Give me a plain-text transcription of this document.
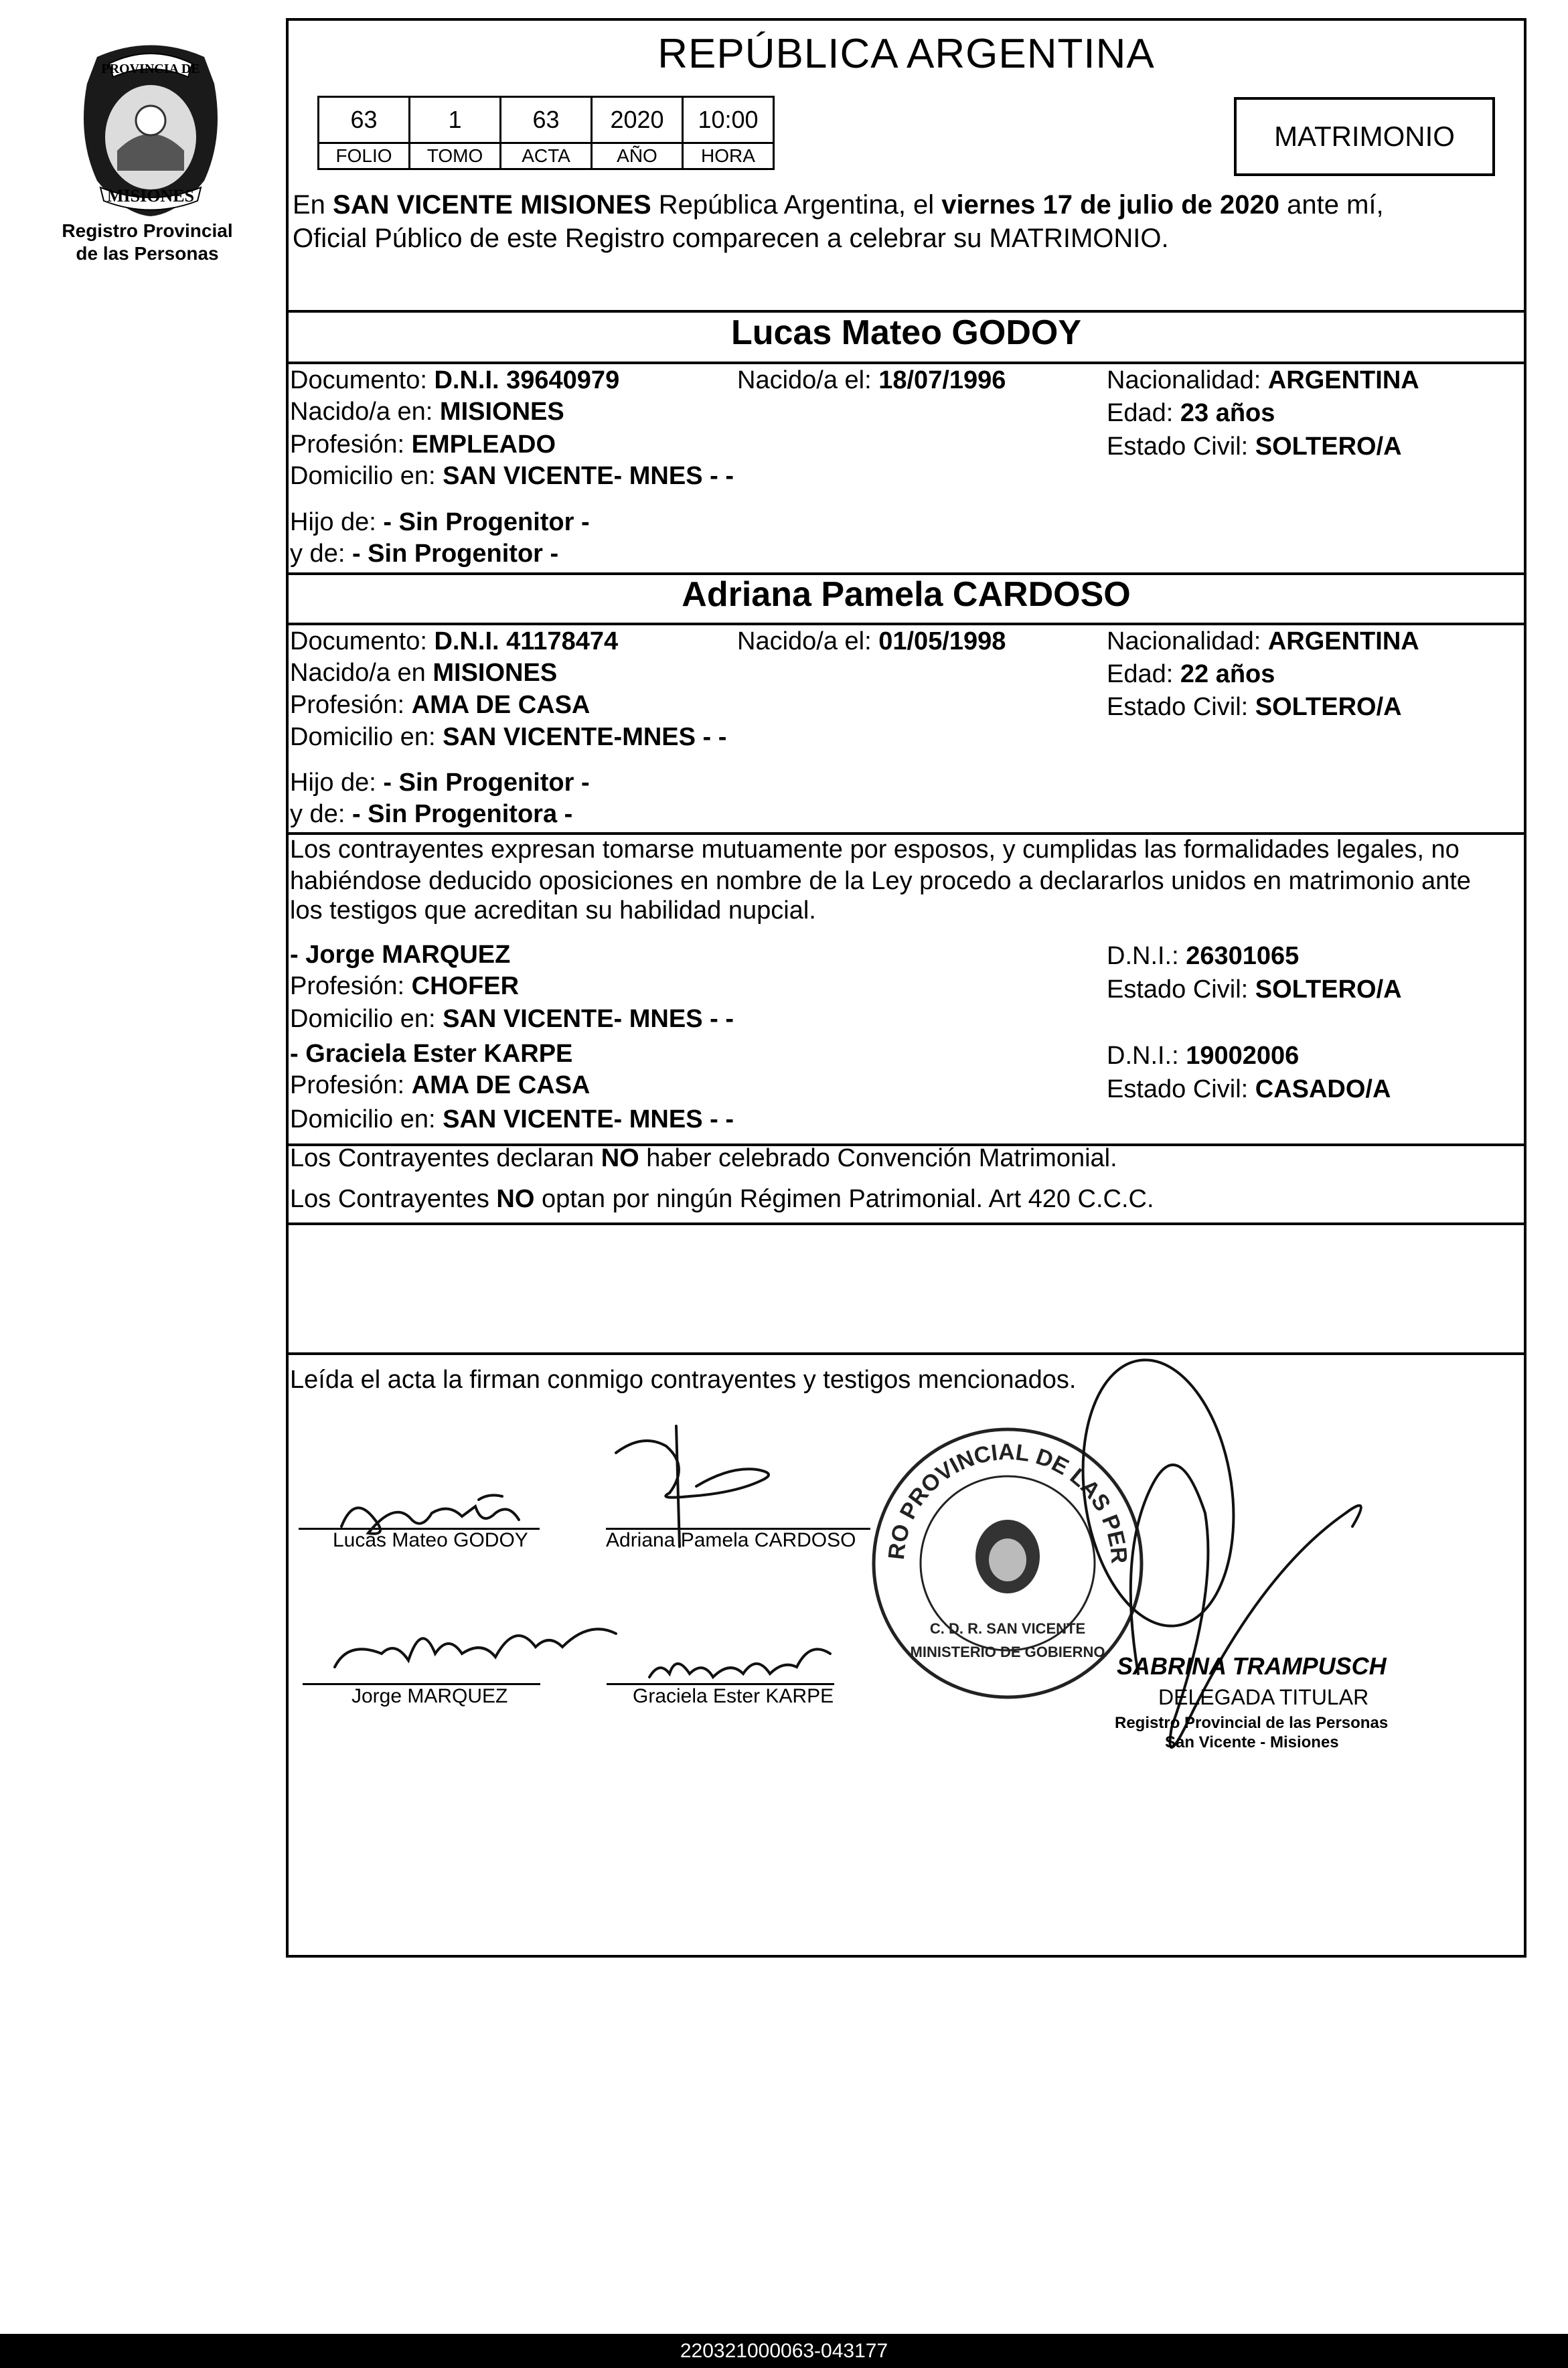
PROVINCIA DE
MISIONES
Registro Provincial
de las Personas
REPÚBLICA ARGENTINA
63	1	63	2020	10:00
FOLIO	TOMO	ACTA	AÑO	HORA
MATRIMONIO
En SAN VICENTE MISIONES República Argentina, el viernes 17 de julio de 2020 ante mí,
Oficial Público de este Registro comparecen a celebrar su MATRIMONIO.
Lucas Mateo GODOY
Documento: D.N.I. 39640979	Nacido/a el: 18/07/1996	Nacionalidad: ARGENTINA
Nacido/a en: MISIONES	Edad: 23 años
Profesión: EMPLEADO	Estado Civil: SOLTERO/A
Domicilio en: SAN VICENTE- MNES - -
Hijo de: - Sin Progenitor -
y de: - Sin Progenitor -
Adriana Pamela CARDOSO
Documento: D.N.I. 41178474	Nacido/a el: 01/05/1998	Nacionalidad: ARGENTINA
Nacido/a en MISIONES	Edad: 22 años
Profesión: AMA DE CASA	Estado Civil: SOLTERO/A
Domicilio en: SAN VICENTE-MNES - -
Hijo de: - Sin Progenitor -
y de: - Sin Progenitora -
Los contrayentes expresan tomarse mutuamente por esposos, y cumplidas las formalidades legales, no
habiéndose deducido oposiciones en nombre de la Ley procedo a declararlos unidos en matrimonio ante
los testigos que acreditan su habilidad nupcial.
- Jorge MARQUEZ	D.N.I.: 26301065
Profesión: CHOFER	Estado Civil: SOLTERO/A
Domicilio en: SAN VICENTE- MNES - -
- Graciela Ester KARPE	D.N.I.: 19002006
Profesión: AMA DE CASA	Estado Civil: CASADO/A
Domicilio en: SAN VICENTE- MNES - -
Los Contrayentes declaran NO haber celebrado Convención Matrimonial.
Los Contrayentes NO optan por ningún Régimen Patrimonial. Art 420 C.C.C.
Leída el acta la firman conmigo contrayentes y testigos mencionados.
Lucas Mateo GODOY	Adriana Pamela CARDOSO
Jorge MARQUEZ	Graciela Ester KARPE
RO PROVINCIAL DE LAS PER
C. D. R. SAN VICENTE
MINISTERIO DE GOBIERNO
SABRINA TRAMPUSCH
DELEGADA TITULAR
Registro Provincial de las Personas
San Vicente - Misiones
220321000063-043177
